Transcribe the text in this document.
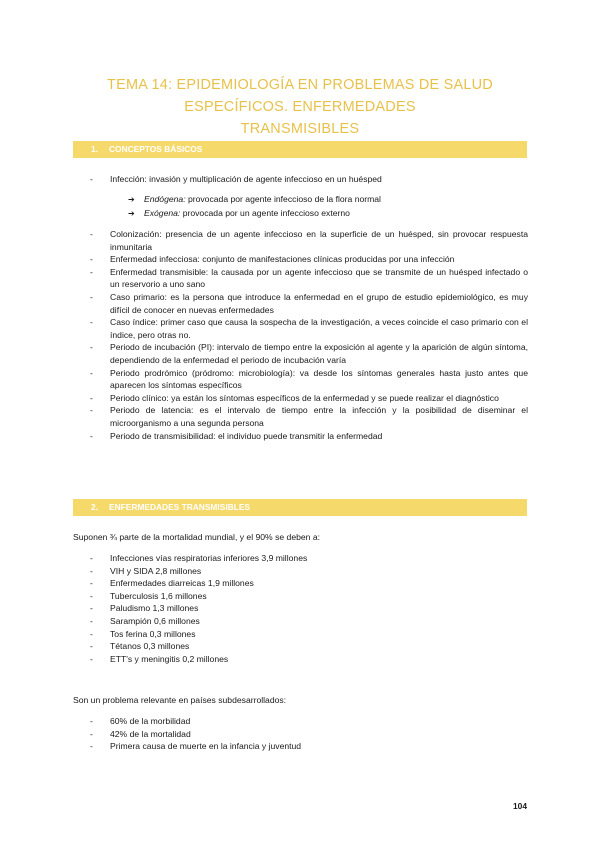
TEMA 14: EPIDEMIOLOGÍA EN PROBLEMAS DE SALUD ESPECÍFICOS. ENFERMEDADES
TRANSMISIBLES
1. CONCEPTOS BÁSICOS
- Infección: invasión y multiplicación de agente infeccioso en un huésped
➔ Endógena: provocada por agente infeccioso de la flora normal
➔ Exógena: provocada por un agente infeccioso externo
- Colonización: presencia de un agente infeccioso en la superficie de un huésped, sin provocar respuesta inmunitaria
- Enfermedad infecciosa: conjunto de manifestaciones clínicas producidas por una infección
- Enfermedad transmisible: la causada por un agente infeccioso que se transmite de un huésped infectado o un reservorio a uno sano
- Caso primario: es la persona que introduce la enfermedad en el grupo de estudio epidemiológico, es muy difícil de conocer en nuevas enfermedades
- Caso índice: primer caso que causa la sospecha de la investigación, a veces coincide el caso primario con el índice, pero otras no.
- Periodo de incubación (PI): intervalo de tiempo entre la exposición al agente y la aparición de algún síntoma, dependiendo de la enfermedad el periodo de incubación varía
- Periodo prodrómico (pródromo: microbiología): va desde los síntomas generales hasta justo antes que aparecen los síntomas específicos
- Periodo clínico: ya están los síntomas específicos de la enfermedad y se puede realizar el diagnóstico
- Periodo de latencia: es el intervalo de tiempo entre la infección y la posibilidad de diseminar el microorganismo a una segunda persona
- Periodo de transmisibilidad: el individuo puede transmitir la enfermedad
2. ENFERMEDADES TRANSMISIBLES
Suponen ¾ parte de la mortalidad mundial, y el 90% se deben a:
- Infecciones vías respiratorias inferiores 3,9 millones
- VIH y SIDA 2,8 millones
- Enfermedades diarreicas 1,9 millones
- Tuberculosis 1,6 millones
- Paludismo 1,3 millones
- Sarampión 0,6 millones
- Tos ferina 0,3 millones
- Tétanos 0,3 millones
- ETT's y meningitis 0,2 millones
Son un problema relevante en países subdesarrollados:
- 60% de la morbilidad
- 42% de la mortalidad
- Primera causa de muerte en la infancia y juventud
104
